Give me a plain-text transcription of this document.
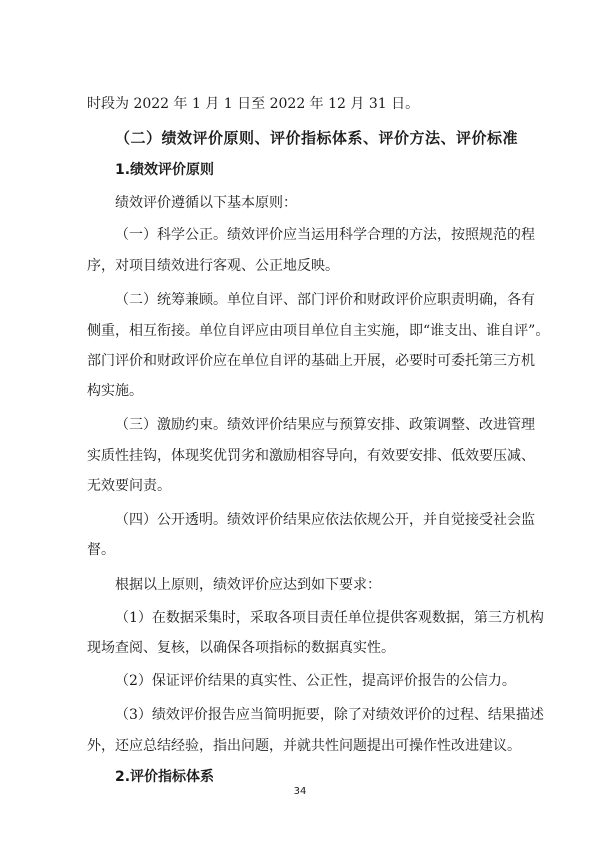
时段为 2022 年 1 月 1 日至 2022 年 12 月 31 日。
（二）绩效评价原则、评价指标体系、评价方法、评价标准
1.绩效评价原则
绩效评价遵循以下基本原则：
（一）科学公正。绩效评价应当运用科学合理的方法，按照规范的程
序，对项目绩效进行客观、公正地反映。
（二）统筹兼顾。单位自评、部门评价和财政评价应职责明确，各有
侧重，相互衔接。单位自评应由项目单位自主实施，即“谁支出、谁自评”。
部门评价和财政评价应在单位自评的基础上开展，必要时可委托第三方机
构实施。
（三）激励约束。绩效评价结果应与预算安排、政策调整、改进管理
实质性挂钩，体现奖优罚劣和激励相容导向，有效要安排、低效要压减、
无效要问责。
（四）公开透明。绩效评价结果应依法依规公开，并自觉接受社会监
督。
根据以上原则，绩效评价应达到如下要求：
（1）在数据采集时，采取各项目责任单位提供客观数据，第三方机构
现场查阅、复核，以确保各项指标的数据真实性。
（2）保证评价结果的真实性、公正性，提高评价报告的公信力。
（3）绩效评价报告应当简明扼要，除了对绩效评价的过程、结果描述
外，还应总结经验，指出问题，并就共性问题提出可操作性改进建议。
2.评价指标体系
34
